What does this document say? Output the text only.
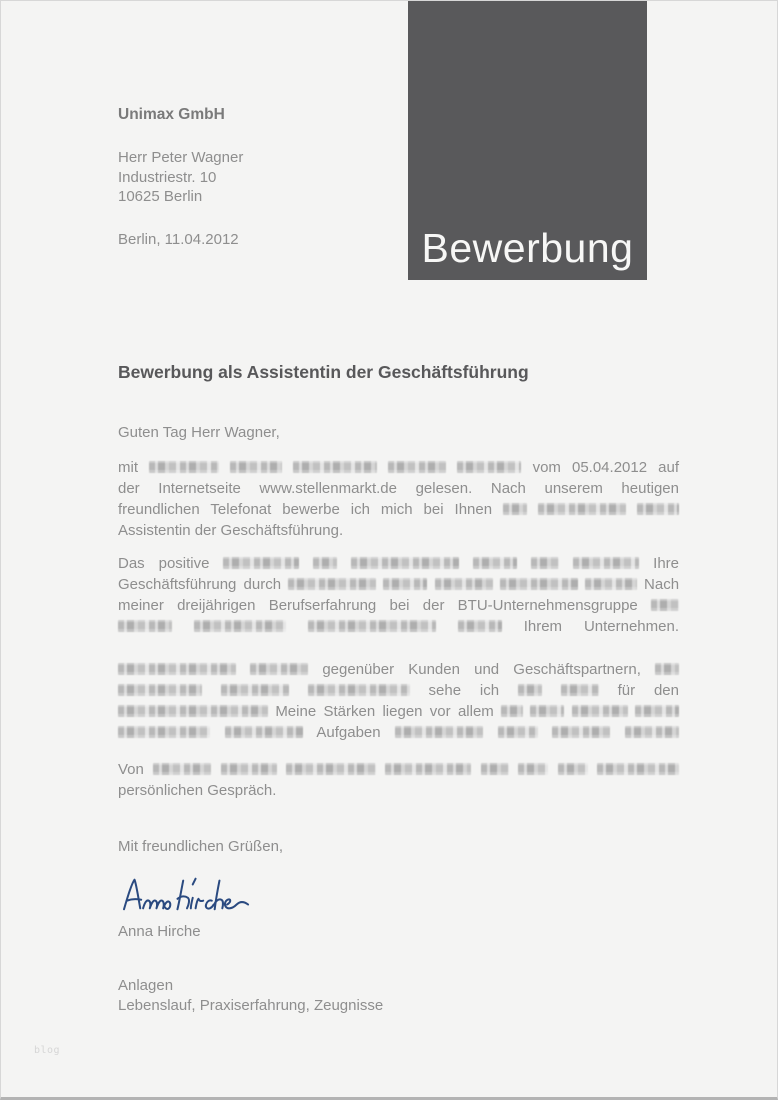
Bewerbung
Unimax GmbH
Herr Peter Wagner
Industriestr. 10
10625 Berlin
Berlin, 11.04.2012
Bewerbung als Assistentin der Geschäftsführung
Guten Tag Herr Wagner,
mit	vom 05.04.2012 auf
der Internetseite www.stellenmarkt.de gelesen. Nach unserem heutigen
freundlichen Telefonat bewerbe ich mich bei Ihnen
Assistentin der Geschäftsführung.
Das positive	Ihre
Geschäftsführung durch	Nach
meiner dreijährigen Berufserfahrung bei der BTU-Unternehmensgruppe
Ihrem Unternehmen.
gegenüber Kunden und Geschäftspartnern,
sehe ich	für den
Meine Stärken liegen vor allem
Aufgaben
Von
persönlichen Gespräch.
Mit freundlichen Grüßen,
Anna Hirche
Anlagen
Lebenslauf, Praxiserfahrung, Zeugnisse
blog
